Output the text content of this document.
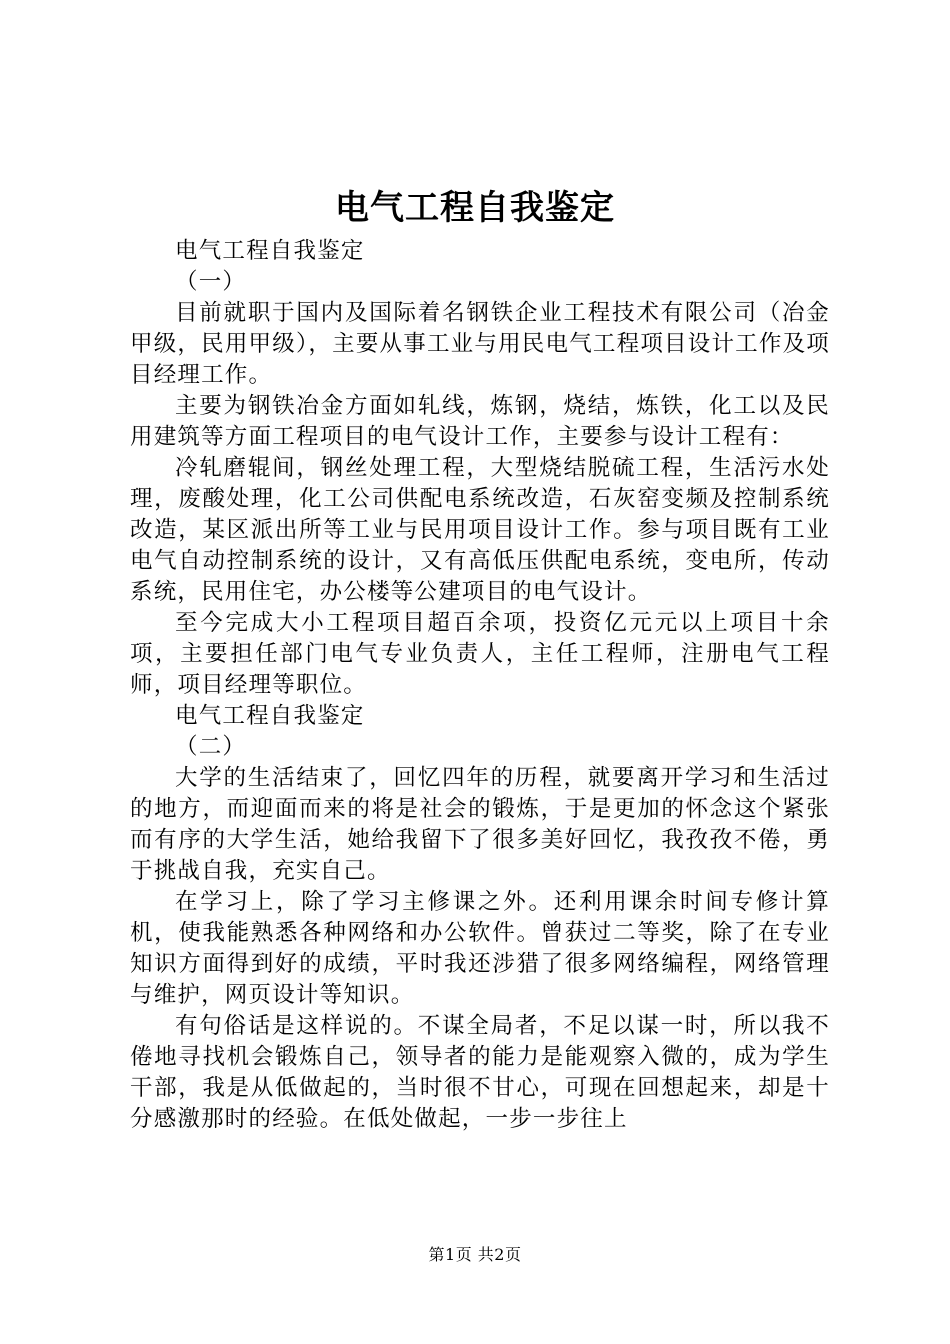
电气工程自我鉴定

电气工程自我鉴定

（一）

目前就职于国内及国际着名钢铁企业工程技术有限公司（冶金甲级，民用甲级），主要从事工业与用民电气工程项目设计工作及项目经理工作。

主要为钢铁冶金方面如轧线，炼钢，烧结，炼铁，化工以及民用建筑等方面工程项目的电气设计工作，主要参与设计工程有：

冷轧磨辊间，钢丝处理工程，大型烧结脱硫工程，生活污水处理，废酸处理，化工公司供配电系统改造，石灰窑变频及控制系统改造，某区派出所等工业与民用项目设计工作。参与项目既有工业电气自动控制系统的设计，又有高低压供配电系统，变电所，传动系统，民用住宅，办公楼等公建项目的电气设计。

至今完成大小工程项目超百余项，投资亿元元以上项目十余项，主要担任部门电气专业负责人，主任工程师，注册电气工程师，项目经理等职位。

电气工程自我鉴定

（二）

大学的生活结束了，回忆四年的历程，就要离开学习和生活过的地方，而迎面而来的将是社会的锻炼，于是更加的怀念这个紧张而有序的大学生活，她给我留下了很多美好回忆，我孜孜不倦，勇于挑战自我，充实自己。

在学习上，除了学习主修课之外。还利用课余时间专修计算机，使我能熟悉各种网络和办公软件。曾获过二等奖，除了在专业知识方面得到好的成绩，平时我还涉猎了很多网络编程，网络管理与维护，网页设计等知识。

有句俗话是这样说的。不谋全局者，不足以谋一时，所以我不倦地寻找机会锻炼自己，领导者的能力是能观察入微的，成为学生干部，我是从低做起的，当时很不甘心，可现在回想起来，却是十分感激那时的经验。在低处做起，一步一步往上

第1页 共2页
